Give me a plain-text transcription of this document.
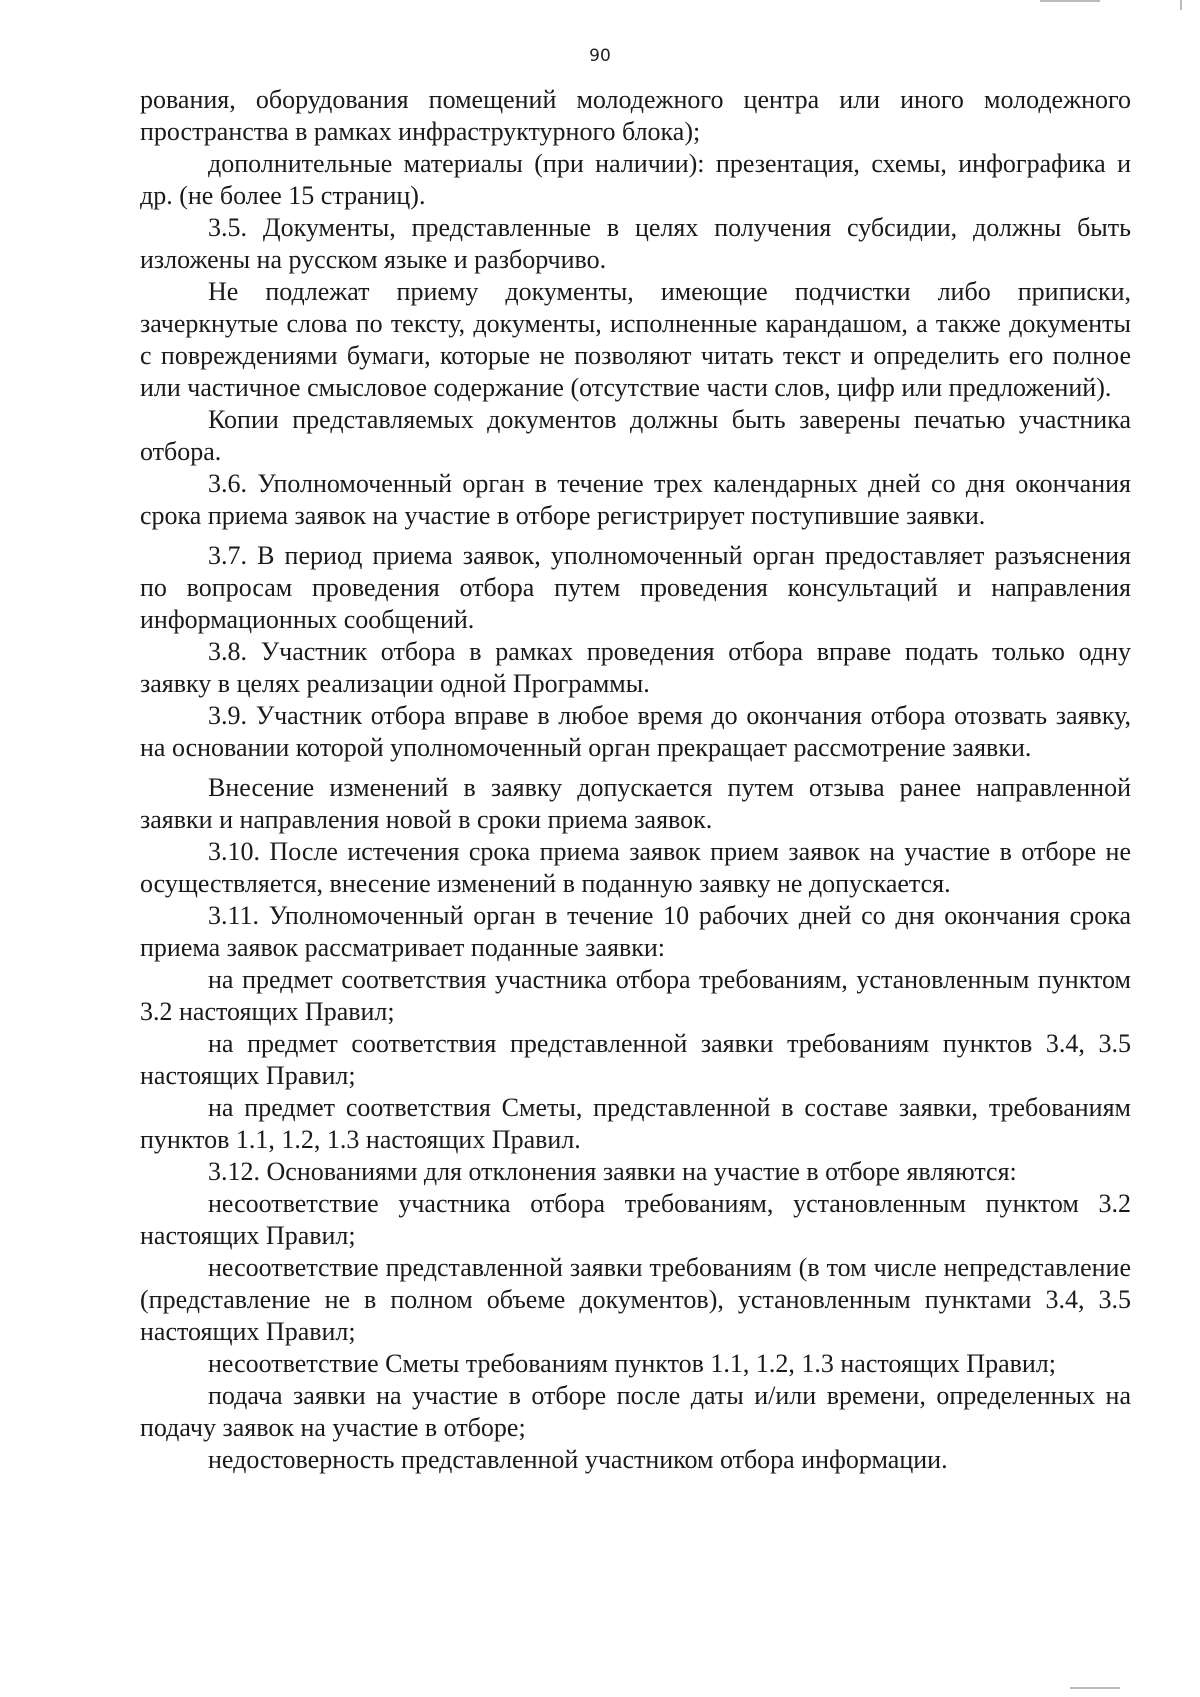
90

рования, оборудования помещений молодежного центра или иного молодежного пространства в рамках инфраструктурного блока);

дополнительные материалы (при наличии): презентация, схемы, инфографика и др. (не более 15 страниц).

3.5. Документы, представленные в целях получения субсидии, должны быть изложены на русском языке и разборчиво.

Не подлежат приему документы, имеющие подчистки либо приписки, зачеркнутые слова по тексту, документы, исполненные карандашом, а также документы с повреждениями бумаги, которые не позволяют читать текст и определить его полное или частичное смысловое содержание (отсутствие части слов, цифр или предложений).

Копии представляемых документов должны быть заверены печатью участника отбора.

3.6. Уполномоченный орган в течение трех календарных дней со дня окончания срока приема заявок на участие в отборе регистрирует поступившие заявки.

3.7. В период приема заявок, уполномоченный орган предоставляет разъяснения по вопросам проведения отбора путем проведения консультаций и направления информационных сообщений.

3.8. Участник отбора в рамках проведения отбора вправе подать только одну заявку в целях реализации одной Программы.

3.9. Участник отбора вправе в любое время до окончания отбора отозвать заявку, на основании которой уполномоченный орган прекращает рассмотрение заявки.

Внесение изменений в заявку допускается путем отзыва ранее направленной заявки и направления новой в сроки приема заявок.

3.10. После истечения срока приема заявок прием заявок на участие в отборе не осуществляется, внесение изменений в поданную заявку не допускается.

3.11. Уполномоченный орган в течение 10 рабочих дней со дня окончания срока приема заявок рассматривает поданные заявки:

на предмет соответствия участника отбора требованиям, установленным пунктом 3.2 настоящих Правил;

на предмет соответствия представленной заявки требованиям пунктов 3.4, 3.5 настоящих Правил;

на предмет соответствия Сметы, представленной в составе заявки, требованиям пунктов 1.1, 1.2, 1.3 настоящих Правил.

3.12. Основаниями для отклонения заявки на участие в отборе являются:

несоответствие участника отбора требованиям, установленным пунктом 3.2 настоящих Правил;

несоответствие представленной заявки требованиям (в том числе непредставление (представление не в полном объеме документов), установленным пунктами 3.4, 3.5 настоящих Правил;

несоответствие Сметы требованиям пунктов 1.1, 1.2, 1.3 настоящих Правил;

подача заявки на участие в отборе после даты и/или времени, определенных на подачу заявок на участие в отборе;

недостоверность представленной участником отбора информации.
